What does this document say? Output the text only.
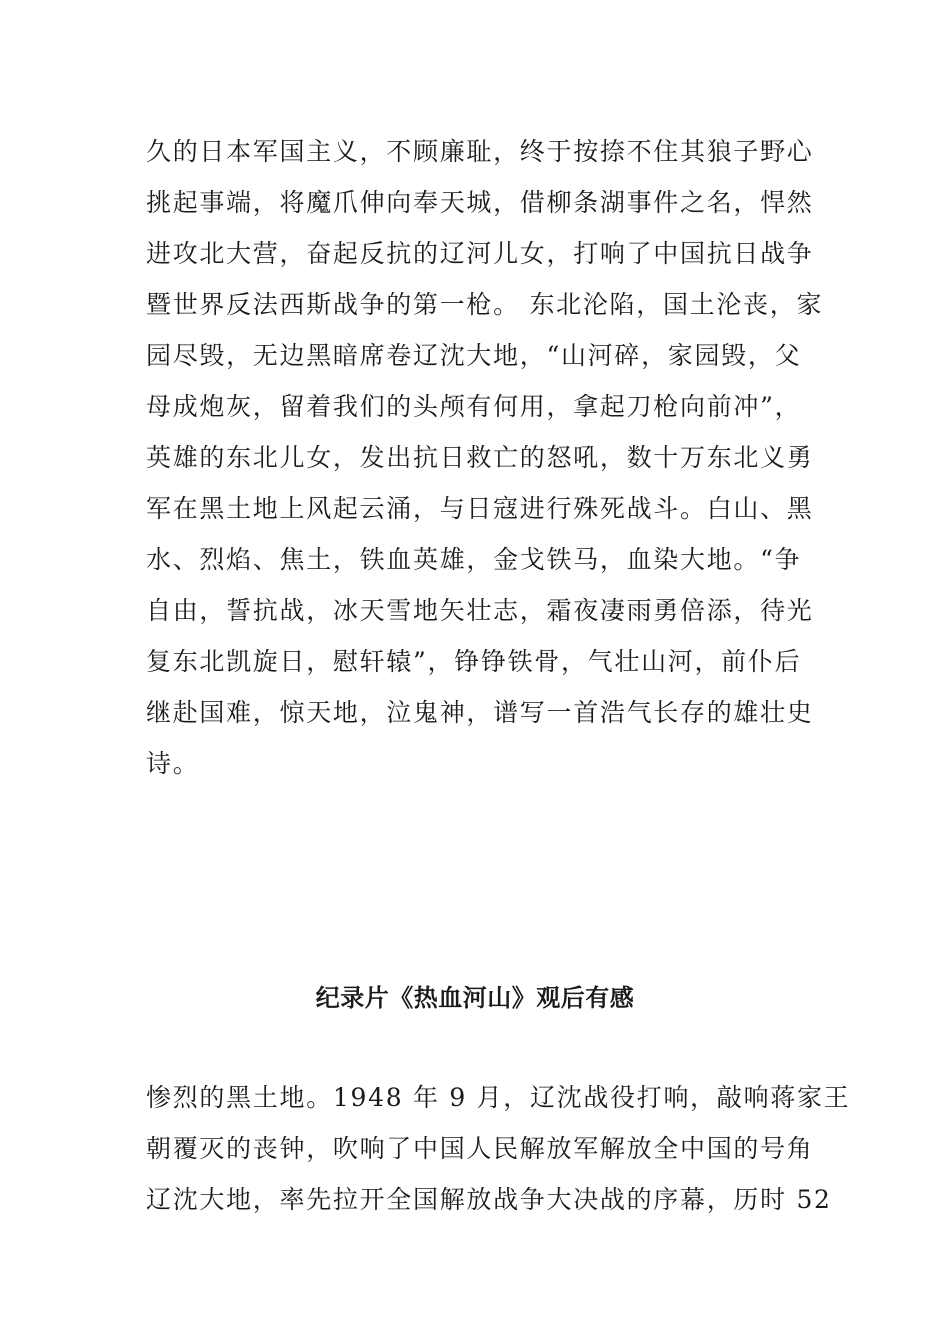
久的日本军国主义，不顾廉耻，终于按捺不住其狼子野心
挑起事端，将魔爪伸向奉天城，借柳条湖事件之名，悍然
进攻北大营，奋起反抗的辽河儿女，打响了中国抗日战争
暨世界反法西斯战争的第一枪。 东北沦陷，国土沦丧，家
园尽毁，无边黑暗席卷辽沈大地，“山河碎，家园毁，父
母成炮灰，留着我们的头颅有何用，拿起刀枪向前冲”，
英雄的东北儿女，发出抗日救亡的怒吼，数十万东北义勇
军在黑土地上风起云涌，与日寇进行殊死战斗。白山、黑
水、烈焰、焦土，铁血英雄，金戈铁马，血染大地。“争
自由，誓抗战，冰天雪地矢壮志，霜夜凄雨勇倍添，待光
复东北凯旋日，慰轩辕”，铮铮铁骨，气壮山河，前仆后
继赴国难，惊天地，泣鬼神，谱写一首浩气长存的雄壮史
诗。
纪录片《热血河山》观后有感
惨烈的黑土地。1948 年 9 月，辽沈战役打响，敲响蒋家王
朝覆灭的丧钟，吹响了中国人民解放军解放全中国的号角
辽沈大地，率先拉开全国解放战争大决战的序幕，历时 52
